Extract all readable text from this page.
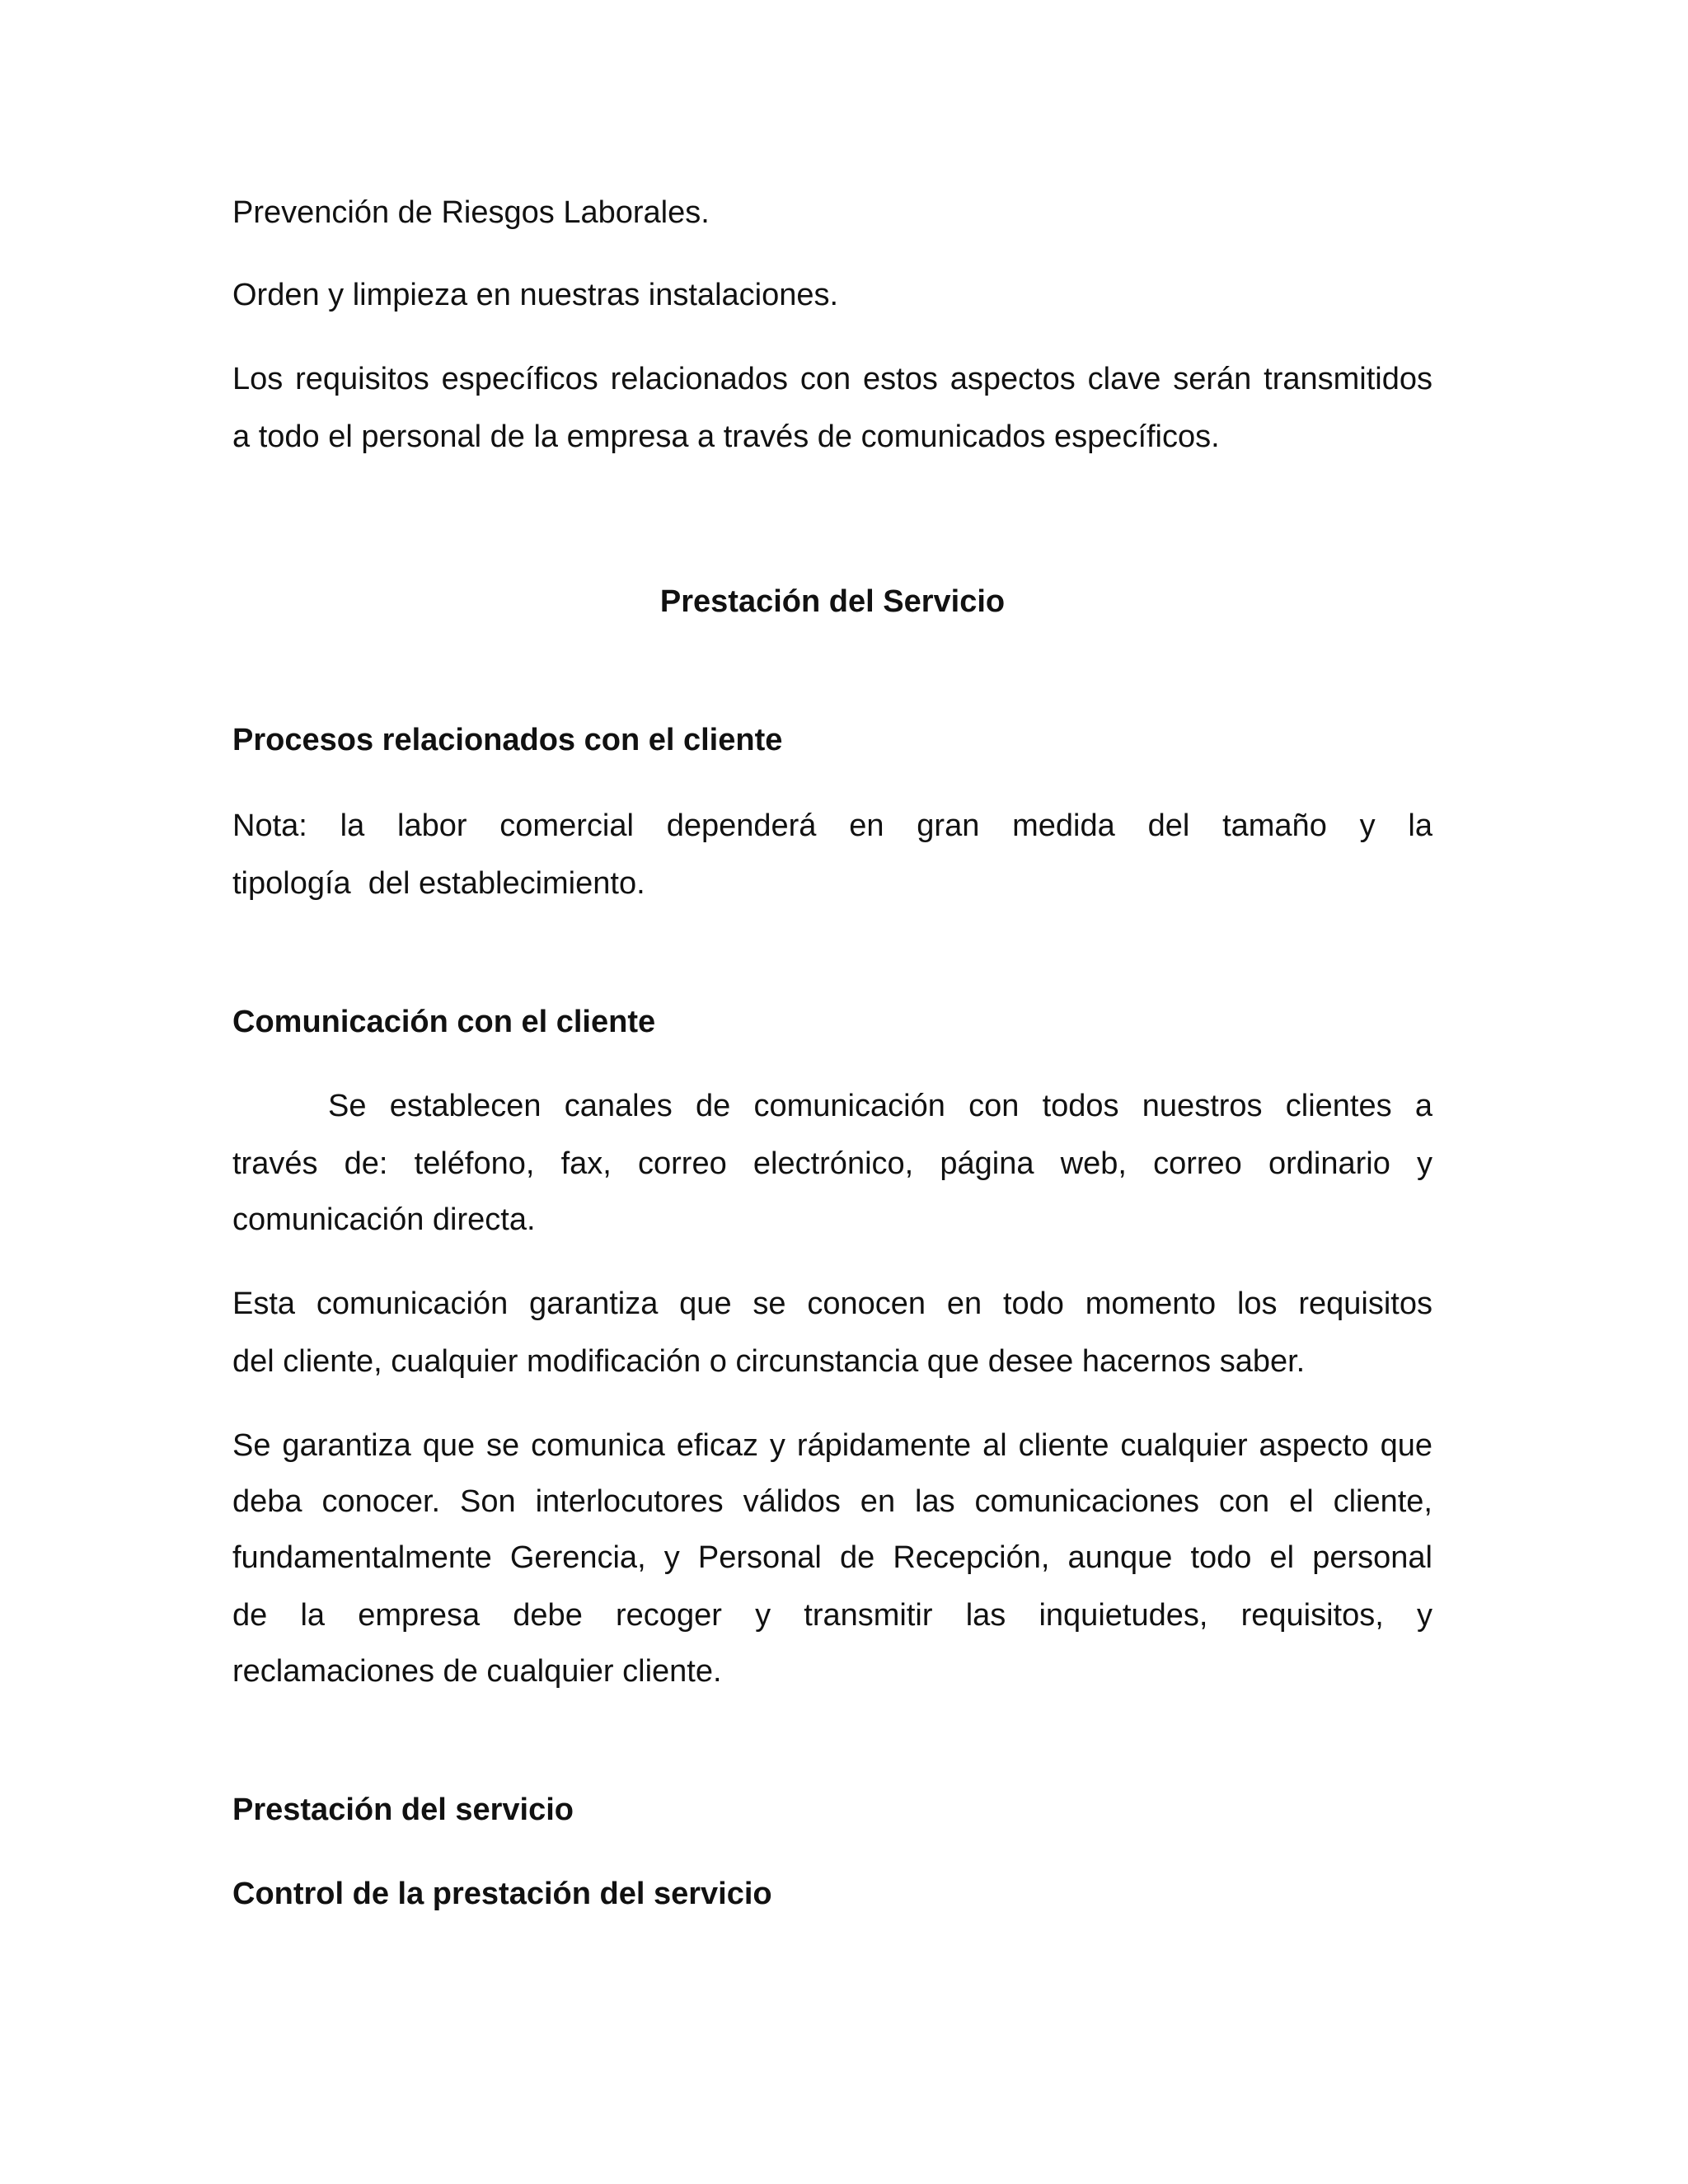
Prevención de Riesgos Laborales.

Orden y limpieza en nuestras instalaciones.

Los requisitos específicos relacionados con estos aspectos clave serán transmitidos

a todo el personal de la empresa a través de comunicados específicos.

Prestación del Servicio

Procesos relacionados con el cliente

Nota: la labor comercial dependerá en gran medida del tamaño y la

tipología  del establecimiento.

Comunicación con el cliente

Se establecen canales de comunicación con todos nuestros clientes a

través de: teléfono, fax, correo electrónico, página web, correo ordinario y

comunicación directa.

Esta comunicación garantiza que se conocen en todo momento los requisitos

del cliente, cualquier modificación o circunstancia que desee hacernos saber.

Se garantiza que se comunica eficaz y rápidamente al cliente cualquier aspecto que

deba conocer. Son interlocutores válidos en las comunicaciones con el cliente,

fundamentalmente Gerencia, y Personal de Recepción, aunque todo el personal

de la empresa debe recoger y transmitir las inquietudes, requisitos, y

reclamaciones de cualquier cliente.

Prestación del servicio

Control de la prestación del servicio
